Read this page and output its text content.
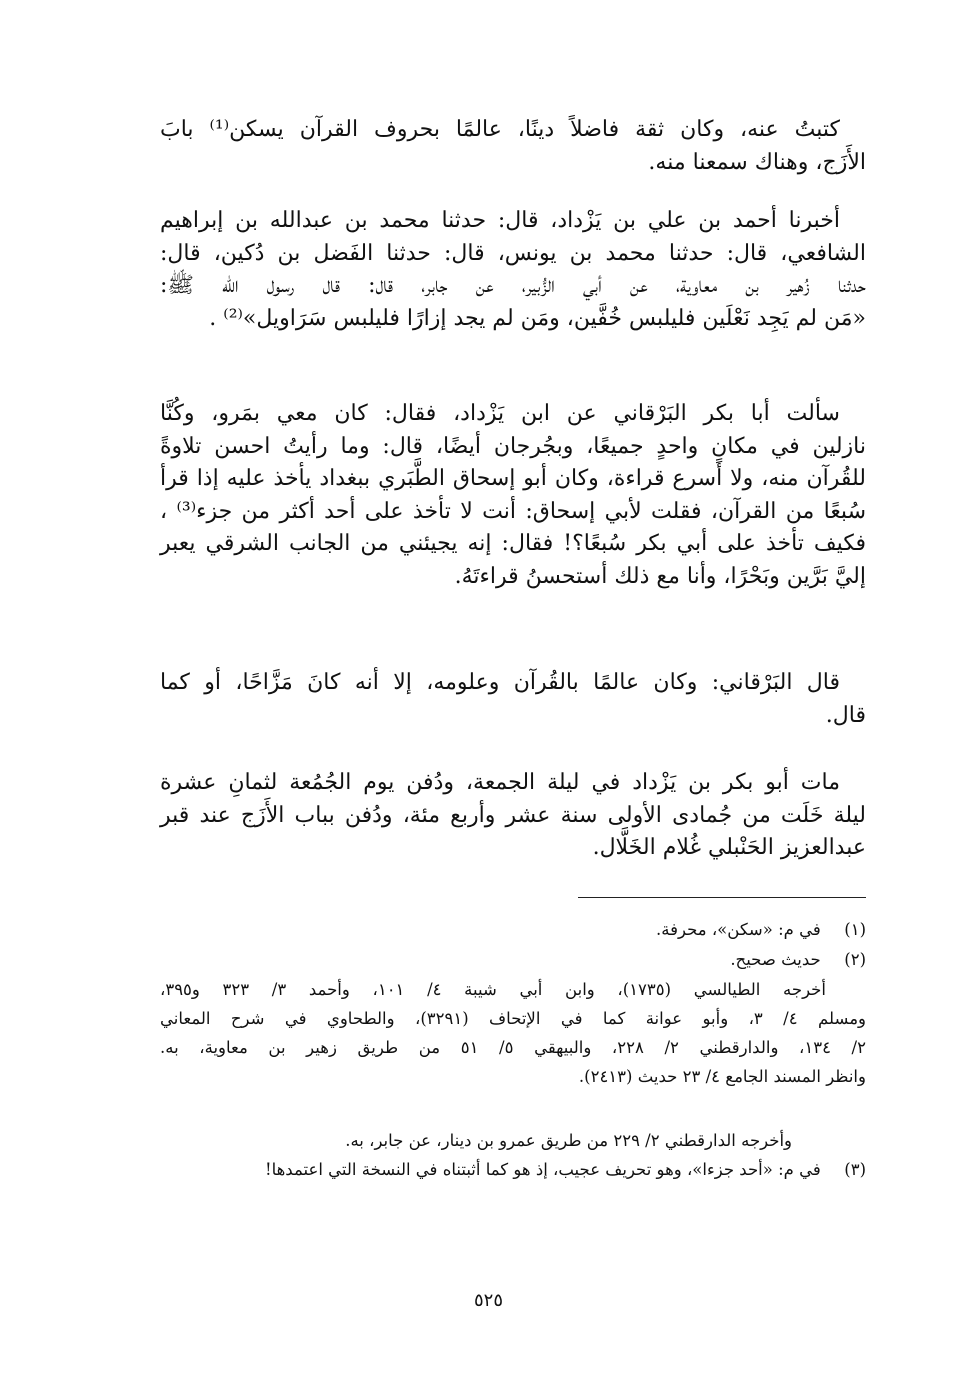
كتبتُ عنه، وكان ثقة فاضلاً دينًا، عالمًا بحروف القرآن يسكن⁽¹⁾ بابَ
الأَزَج، وهناك سمعنا منه.
أخبرنا أحمد بن علي بن يَزْداد، قال: حدثنا محمد بن عبدالله بن إبراهيم
الشافعي، قال: حدثنا محمد بن يونس، قال: حدثنا الفَضل بن دُكين، قال:
حدثنا زُهير بن معاوية، عن أبي الزُّبير، عن جابر، قال: قال رسول الله ﷺ:
«مَن لم يَجِد نَعْلَين فليلبس خُفَّين، ومَن لم يجد إزارًا فليلبس سَرَاويل»⁽²⁾ .
سألت أبا بكر البَرْقاني عن ابن يَزْداد، فقال: كان معي بمَرو، وكُنَّا
نازلين في مكانٍ واحدٍ جميعًا، وبجُرجان أيضًا، قال: وما رأيتُ احسن تلاوةً
للقُرآن منه، ولا أسرع قراءة، وكان أبو إسحاق الطَّبَري ببغداد يأخذ عليه إذا قرأ
سُبعًا من القرآن، فقلت لأبي إسحاق: أنت لا تأخذ على أحد أكثر من جزء⁽³⁾ ،
فكيف تأخذ على أبي بكر سُبعًا؟! فقال: إنه يجيئني من الجانب الشرقي يعبر
إليَّ بَرَّين وبَحْرًا، وأنا مع ذلك أستحسنُ قراءتَهُ.
قال البَرْقاني: وكان عالمًا بالقُرآن وعلومه، إلا أنه كانَ مَزَّاحًا، أو كما
قال.
مات أبو بكر بن يَزْداد في ليلة الجمعة، ودُفن يوم الجُمُعة لثمانِ عشرة
ليلة خَلَت من جُمادى الأولى سنة عشر وأربع مئة، ودُفن بباب الأَزَج عند قبر
عبدالعزيز الحَنْبلي غُلام الخَلَّال.
(١) في م: «سكن»، محرفة.
(٢) حديث صحيح.
أخرجه الطيالسي (١٧٣٥)، وابن أبي شيبة ٤/ ١٠١، وأحمد ٣/ ٣٢٣ و٣٩٥،
ومسلم ٤/ ٣، وأبو عوانة كما في الإتحاف (٣٢٩١)، والطحاوي في شرح المعاني
٢/ ١٣٤، والدارقطني ٢/ ٢٢٨، والبيهقي ٥/ ٥١ من طريق زهير بن معاوية، به.
وانظر المسند الجامع ٤/ ٢٣ حديث (٢٤١٣).
وأخرجه الدارقطني ٢/ ٢٢٩ من طريق عمرو بن دينار، عن جابر، به.
(٣) في م: «أحد جزءا»، وهو تحريف عجيب، إذ هو كما أثبتناه في النسخة التي اعتمدها!
٥٢٥
